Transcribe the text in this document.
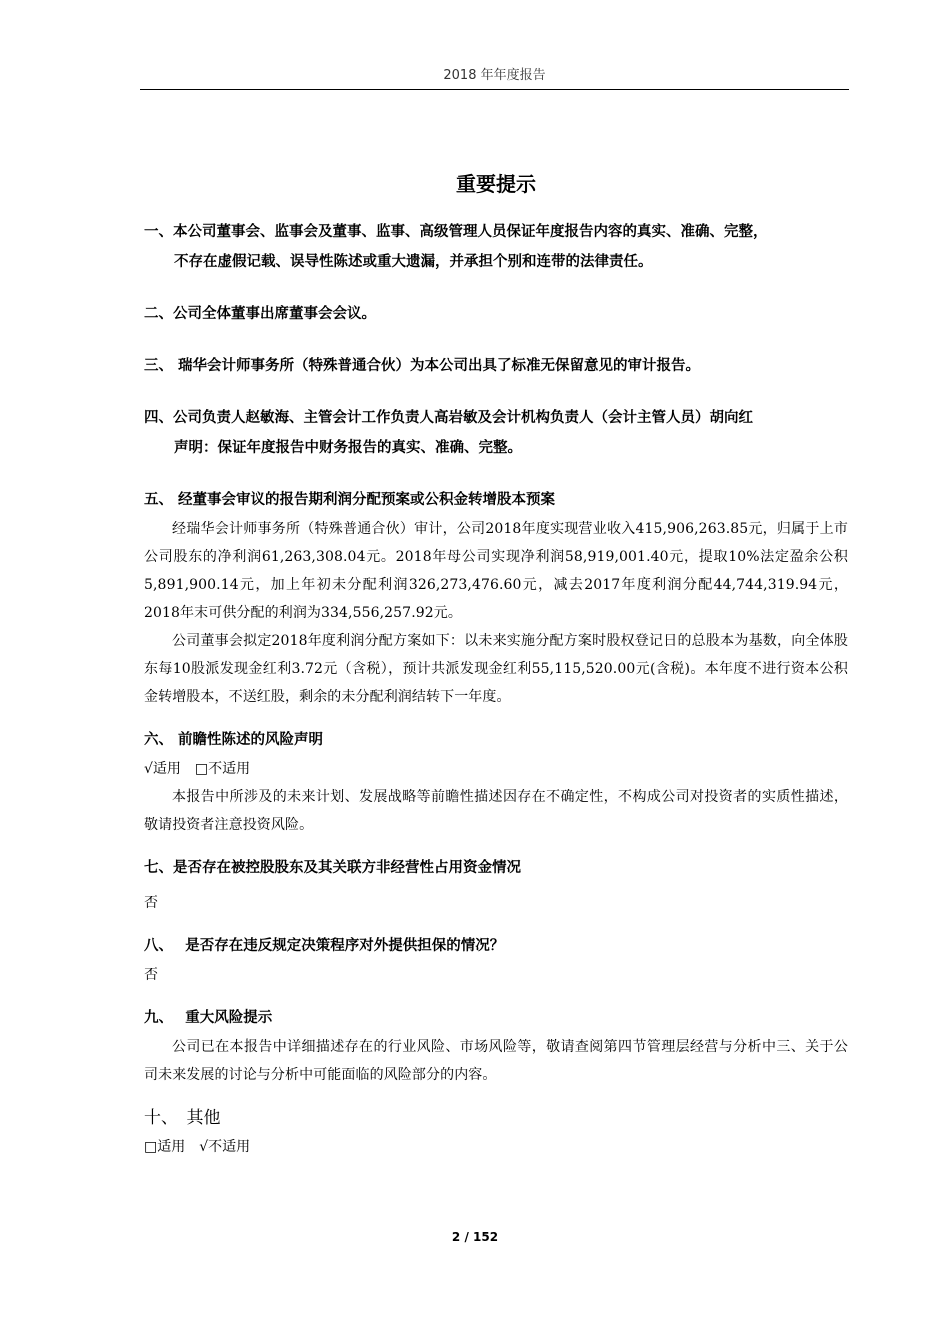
2018 年年度报告
重要提示
一、本公司董事会、监事会及董事、监事、高级管理人员保证年度报告内容的真实、准确、完整，
不存在虚假记载、误导性陈述或重大遗漏，并承担个别和连带的法律责任。
二、公司全体董事出席董事会会议。
三、 瑞华会计师事务所（特殊普通合伙）为本公司出具了标准无保留意见的审计报告。
四、公司负责人赵敏海、主管会计工作负责人高岩敏及会计机构负责人（会计主管人员）胡向红
声明：保证年度报告中财务报告的真实、准确、完整。
五、 经董事会审议的报告期利润分配预案或公积金转增股本预案

经瑞华会计师事务所（特殊普通合伙）审计，公司2018年度实现营业收入415,906,263.85元，归属于上市公司股东的净利润61,263,308.04元。2018年母公司实现净利润58,919,001.40元，提取10%法定盈余公积5,891,900.14元，加上年初未分配利润326,273,476.60元，减去2017年度利润分配44,744,319.94元，2018年末可供分配的利润为334,556,257.92元。

公司董事会拟定2018年度利润分配方案如下：以未来实施分配方案时股权登记日的总股本为基数，向全体股东每10股派发现金红利3.72元（含税），预计共派发现金红利55,115,520.00元(含税)。本年度不进行资本公积金转增股本，不送红股，剩余的未分配利润结转下一年度。

六、 前瞻性陈述的风险声明
√适用　□不适用

本报告中所涉及的未来计划、发展战略等前瞻性描述因存在不确定性，不构成公司对投资者的实质性描述，敬请投资者注意投资风险。

七、是否存在被控股股东及其关联方非经营性占用资金情况
否
八、　 是否存在违反规定决策程序对外提供担保的情况？
否
九、　 重大风险提示

公司已在本报告中详细描述存在的行业风险、市场风险等，敬请查阅第四节管理层经营与分析中三、关于公司未来发展的讨论与分析中可能面临的风险部分的内容。

十、　其他
□适用　√不适用
2 / 152
